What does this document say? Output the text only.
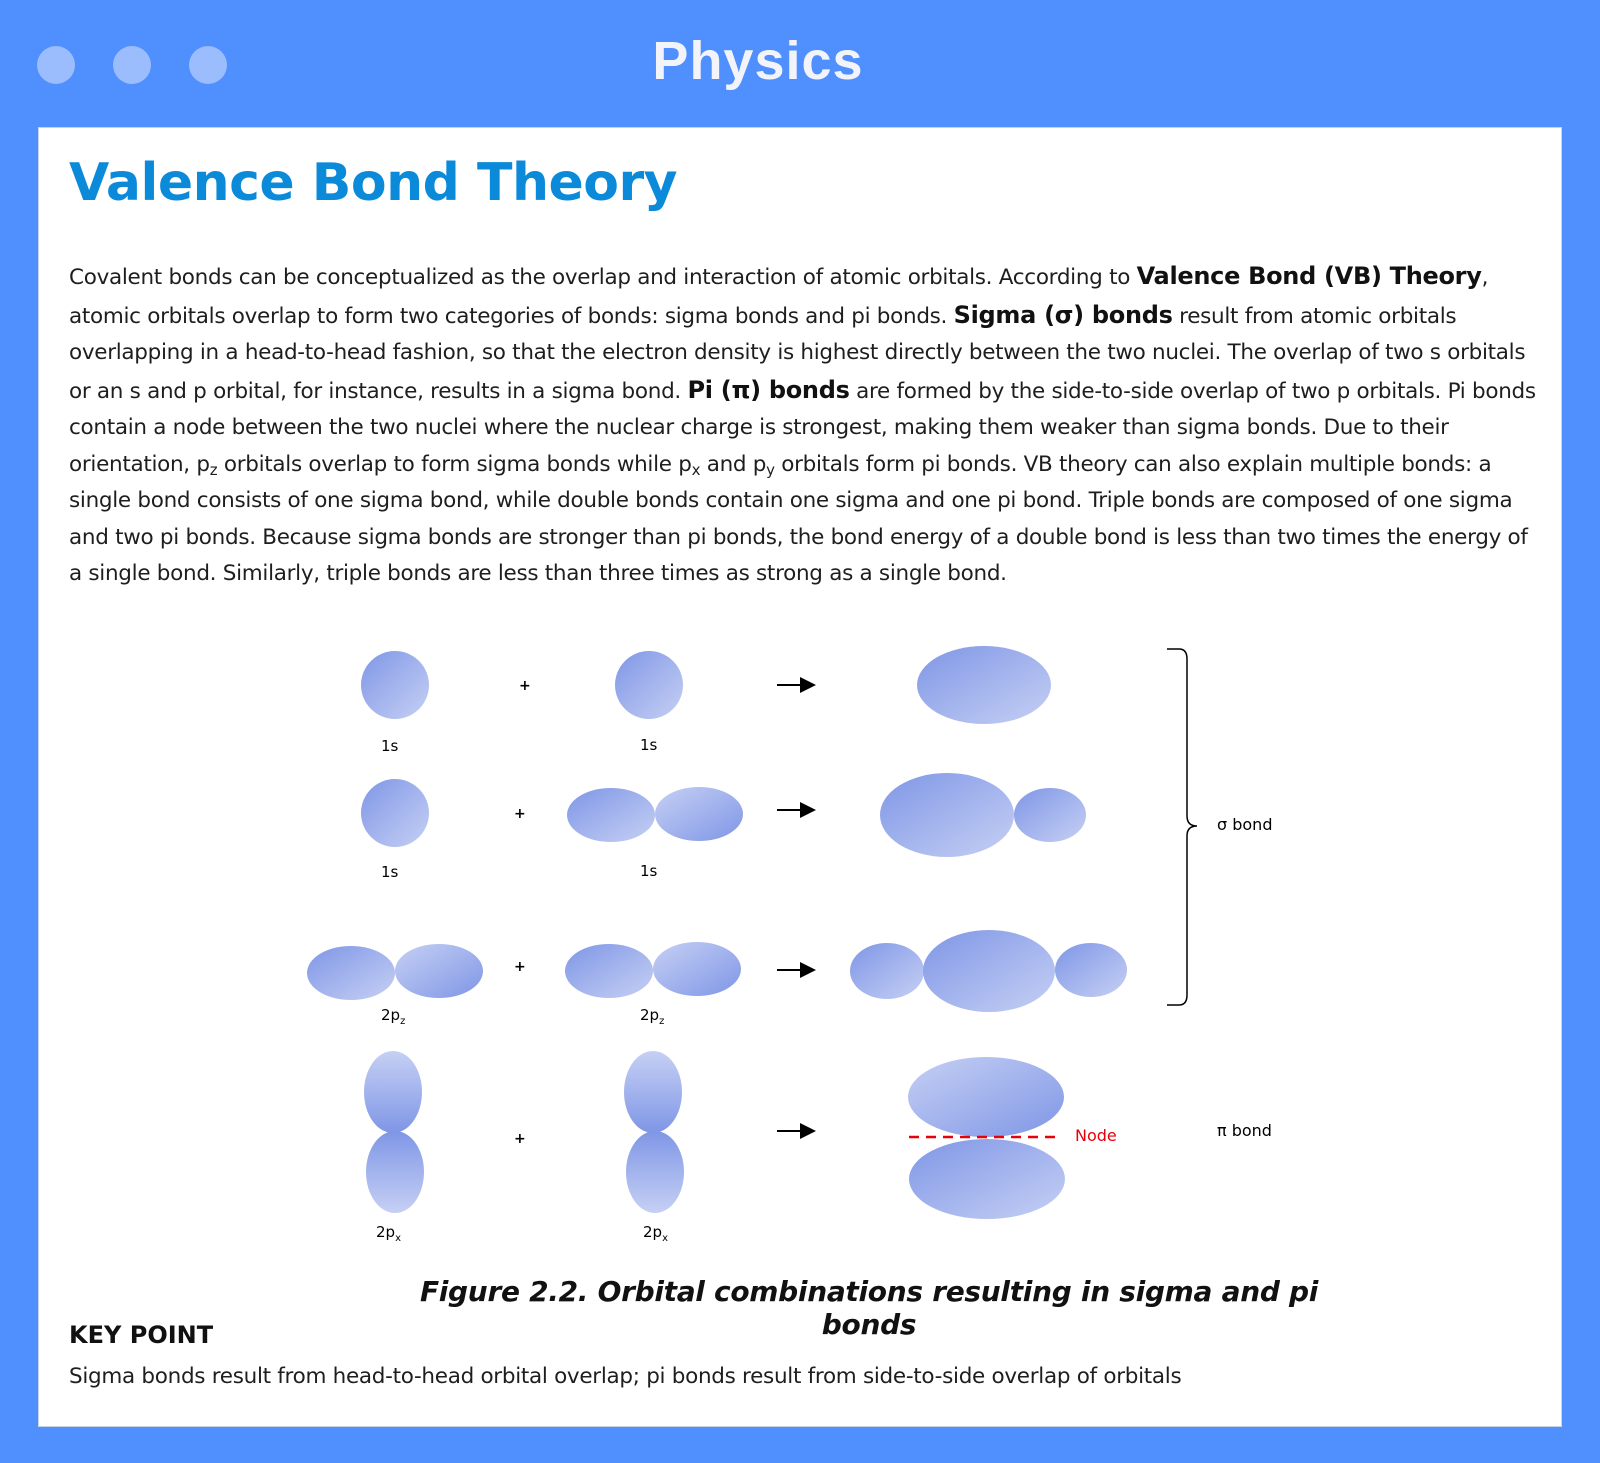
Physics
Valence Bond Theory

Covalent bonds can be conceptualized as the overlap and interaction of atomic orbitals. According to Valence Bond (VB) Theory, atomic orbitals overlap to form two categories of bonds: sigma bonds and pi bonds. Sigma (σ) bonds result from atomic orbitals overlapping in a head-to-head fashion, so that the electron density is highest directly between the two nuclei. The overlap of two s orbitals or an s and p orbital, for instance, results in a sigma bond. Pi (π) bonds are formed by the side-to-side overlap of two p orbitals. Pi bonds contain a node between the two nuclei where the nuclear charge is strongest, making them weaker than sigma bonds. Due to their orientation, $p_z$ orbitals overlap to form sigma bonds while $p_x$ and $p_y$ orbitals form pi bonds. VB theory can also explain multiple bonds: a single bond consists of one sigma bond, while double bonds contain one sigma and one pi bond. Triple bonds are composed of one sigma and two pi bonds. Because sigma bonds are stronger than pi bonds, the bond energy of a double bond is less than two times the energy of a single bond. Similarly, triple bonds are less than three times as strong as a single bond.

+
1s	1s
+
1s	1s
+
$2p_z$	$2p_z$
+	Node
$2p_x$	$2p_x$
π bond
σ bond

Figure 2.2. Orbital combinations resulting in sigma and pi bonds

KEY POINT

Sigma bonds result from head-to-head orbital overlap; pi bonds result from side-to-side overlap of orbitals
